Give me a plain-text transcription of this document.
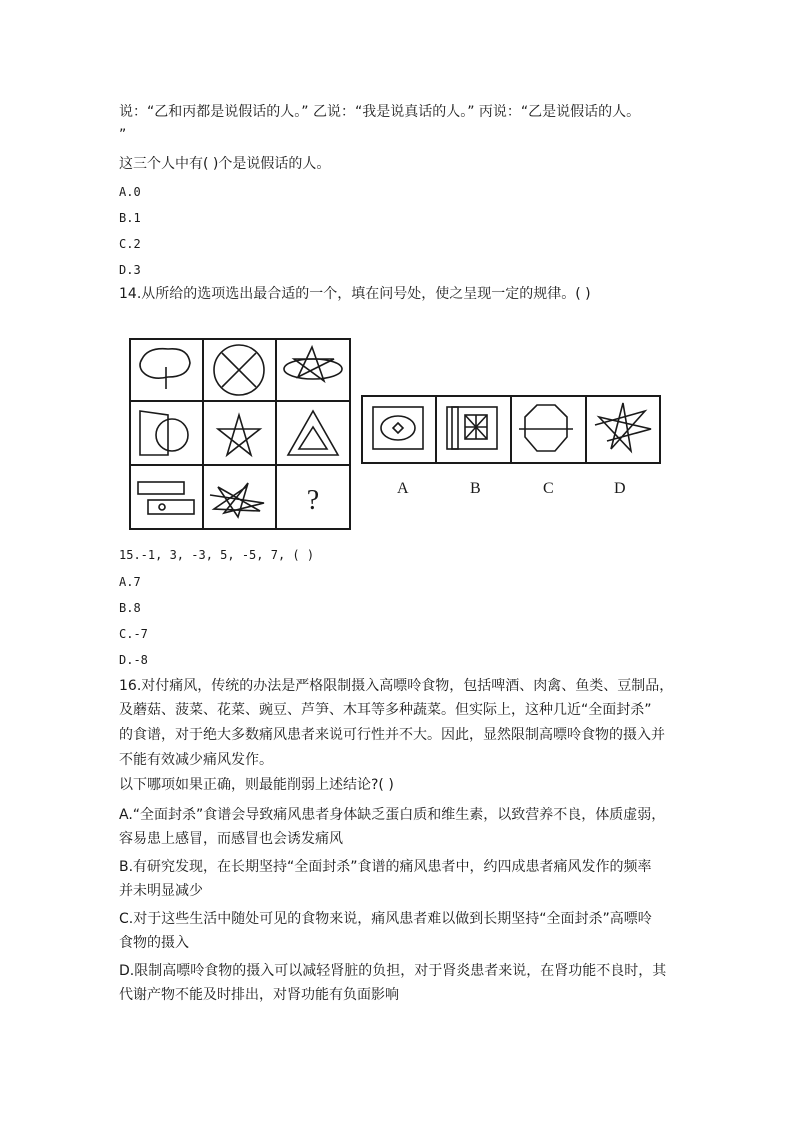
说：“乙和丙都是说假话的人。” 乙说：“我是说真话的人。” 丙说：“乙是说假话的人。
”
这三个人中有( )个是说假话的人。
A.0
B.1
C.2
D.3
14.从所给的选项选出最合适的一个，填在问号处，使之呈现一定的规律。( )
?	A	B	C	D
15.-1, 3, -3, 5, -5, 7, ( )
A.7
B.8
C.-7
D.-8
16.对付痛风，传统的办法是严格限制摄入高嘌呤食物，包括啤酒、肉禽、鱼类、豆制品，
及蘑菇、菠菜、花菜、豌豆、芦笋、木耳等多种蔬菜。但实际上，这种几近“全面封杀”
的食谱，对于绝大多数痛风患者来说可行性并不大。因此，显然限制高嘌呤食物的摄入并
不能有效减少痛风发作。
以下哪项如果正确，则最能削弱上述结论?( )
A.“全面封杀”食谱会导致痛风患者身体缺乏蛋白质和维生素，以致营养不良，体质虚弱，
容易患上感冒，而感冒也会诱发痛风
B.有研究发现，在长期坚持“全面封杀”食谱的痛风患者中，约四成患者痛风发作的频率
并未明显减少
C.对于这些生活中随处可见的食物来说，痛风患者难以做到长期坚持“全面封杀”高嘌呤
食物的摄入
D.限制高嘌呤食物的摄入可以减轻肾脏的负担，对于肾炎患者来说，在肾功能不良时，其
代谢产物不能及时排出，对肾功能有负面影响
